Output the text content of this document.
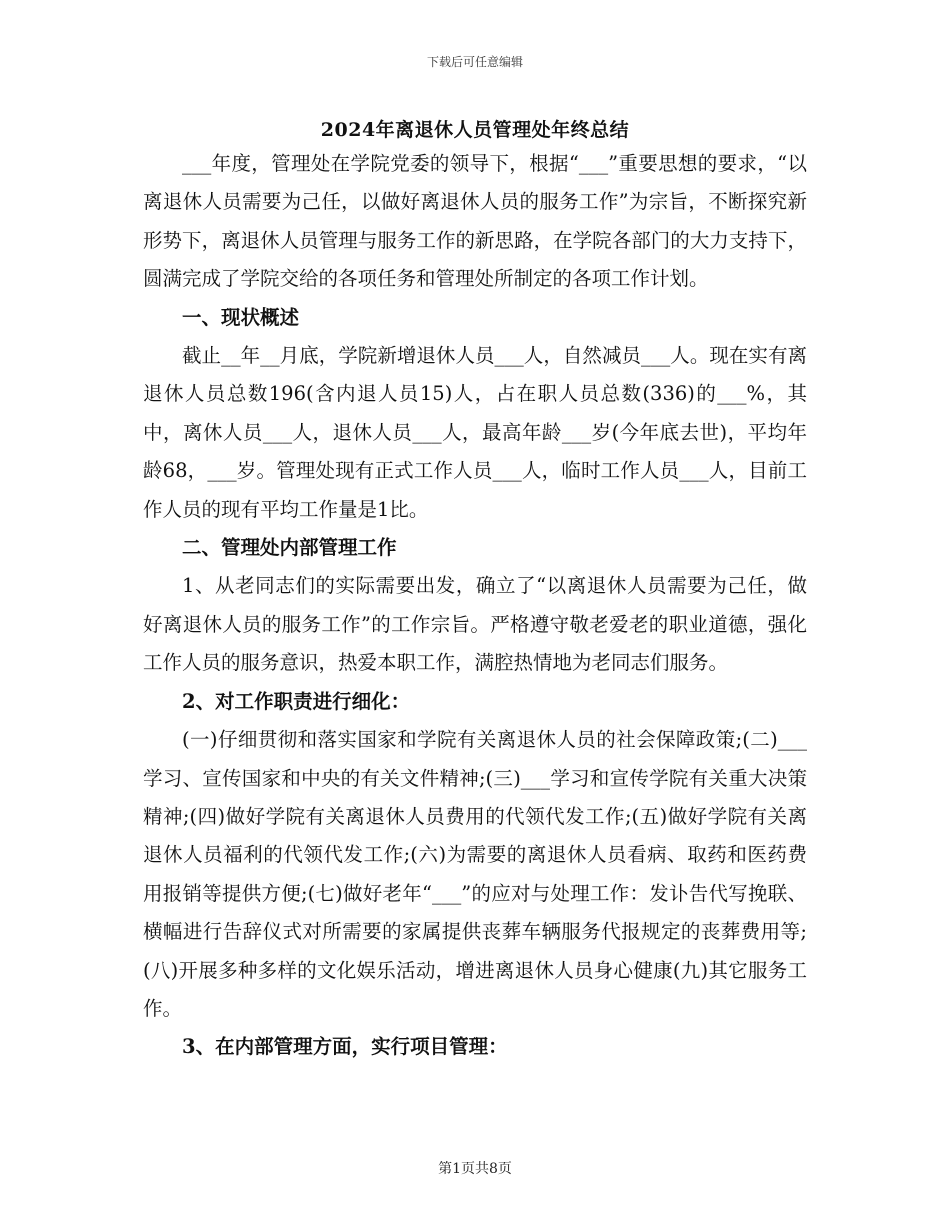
下载后可任意编辑
2024年离退休人员管理处年终总结

___年度，管理处在学院党委的领导下，根据“___”重要思想的要求，“以离退休人员需要为己任，以做好离退休人员的服务工作”为宗旨，不断探究新形势下，离退休人员管理与服务工作的新思路，在学院各部门的大力支持下，圆满完成了学院交给的各项任务和管理处所制定的各项工作计划。

一、现状概述

截止__年__月底，学院新增退休人员___人，自然减员___人。现在实有离退休人员总数196(含内退人员15)人，占在职人员总数(336)的___%，其中，离休人员___人，退休人员___人，最高年龄___岁(今年底去世)，平均年龄68，___岁。管理处现有正式工作人员___人，临时工作人员___人，目前工作人员的现有平均工作量是1比。

二、管理处内部管理工作

1、从老同志们的实际需要出发，确立了“以离退休人员需要为己任，做好离退休人员的服务工作”的工作宗旨。严格遵守敬老爱老的职业道德，强化工作人员的服务意识，热爱本职工作，满腔热情地为老同志们服务。

2、对工作职责进行细化：

(一)仔细贯彻和落实国家和学院有关离退休人员的社会保障政策;(二)___学习、宣传国家和中央的有关文件精神;(三)___学习和宣传学院有关重大决策精神;(四)做好学院有关离退休人员费用的代领代发工作;(五)做好学院有关离退休人员福利的代领代发工作;(六)为需要的离退休人员看病、取药和医药费用报销等提供方便;(七)做好老年“___”的应对与处理工作：发讣告代写挽联、横幅进行告辞仪式对所需要的家属提供丧葬车辆服务代报规定的丧葬费用等;(八)开展多种多样的文化娱乐活动，增进离退休人员身心健康(九)其它服务工作。

3、在内部管理方面，实行项目管理：
第1页共8页
